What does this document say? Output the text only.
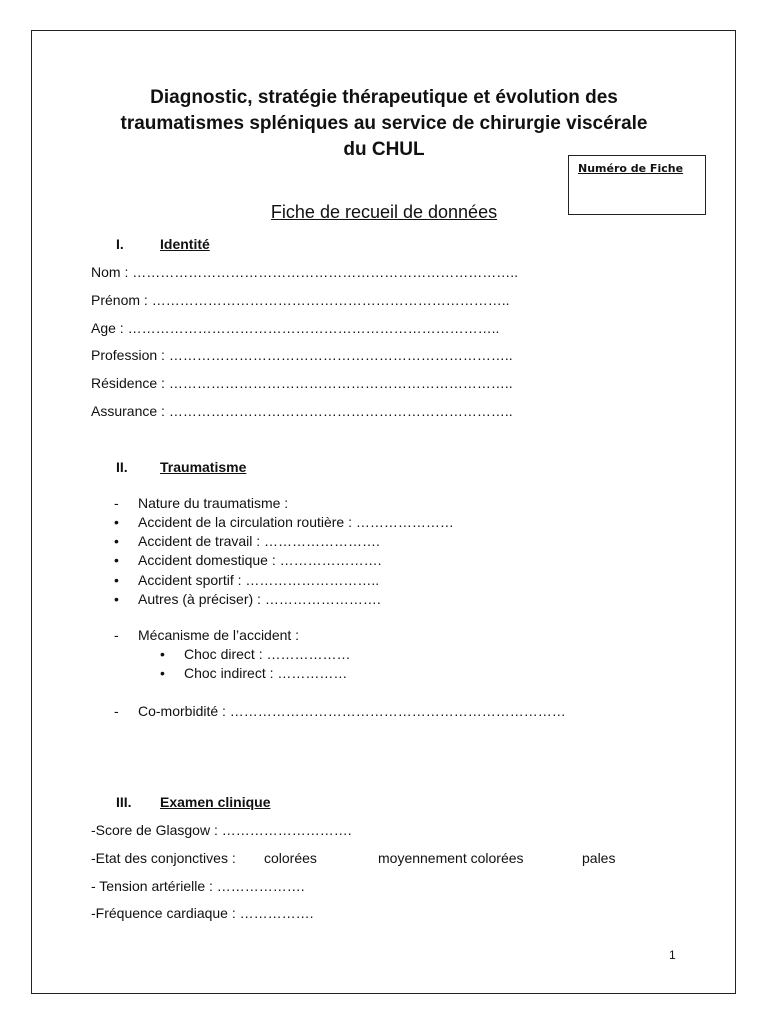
Diagnostic, stratégie thérapeutique et évolution des
traumatismes spléniques au service de chirurgie viscérale
du CHUL
Numéro de Fiche
Fiche de recueil de données
I.	Identité
Nom : ………………………………………………………………………..
Prénom : …………………………………………………………………..
Age : ……………………………………………………………………..
Profession : ………………………………………………………………..
Résidence : ………………………………………………………………..
Assurance : ………………………………………………………………..
II. Traumatisme
- Nature du traumatisme :
• Accident de la circulation routière : …………………
• Accident de travail : …………………….
• Accident domestique : ………………….
• Accident sportif : ………………………..
• Autres (à préciser) : …………………….
- Mécanisme de l’accident :
• Choc direct : ………………
• Choc indirect : ……………
- Co-morbidité : ………………………………………………………………
III. Examen clinique
-Score de Glasgow : ……………………….
-Etat des conjonctives : colorées	moyennement colorées	pales
- Tension artérielle : ……………….
-Fréquence cardiaque : …………….
1
